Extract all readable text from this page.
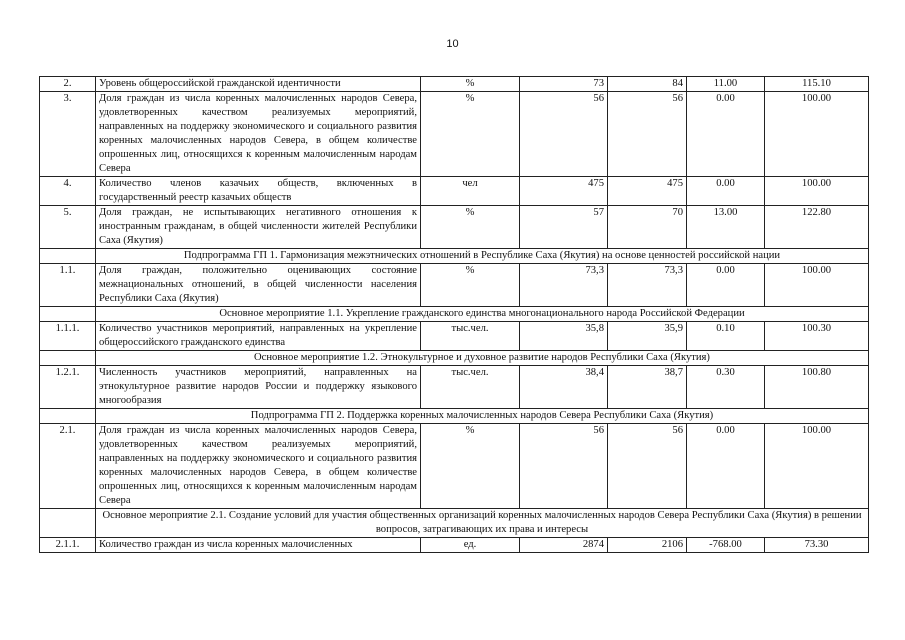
10
2.	Уровень общероссийской гражданской идентичности	%	73	84	11.00	115.10
3.	Доля граждан из числа коренных малочисленных народов Севера, удовлетворенных качеством реализуемых мероприятий, направленных на поддержку экономического и социального развития коренных малочисленных народов Севера, в общем количестве опрошенных лиц, относящихся к коренным малочисленным народам Севера	%	56	56	0.00	100.00
4.	Количество членов казачьих обществ, включенных в государственный реестр казачьих обществ	чел	475	475	0.00	100.00
5.	Доля граждан, не испытывающих негативного отношения к иностранным гражданам, в общей численности жителей Республики Саха (Якутия)	%	57	70	13.00	122.80
	Подпрограмма ГП 1. Гармонизация межэтнических отношений в Республике Саха (Якутия) на основе ценностей российской нации					
1.1.	Доля граждан, положительно оценивающих состояние межнациональных отношений, в общей численности населения Республики Саха (Якутия)	%	73,3	73,3	0.00	100.00
	Основное мероприятие 1.1. Укрепление гражданского единства многонационального народа Российской Федерации					
1.1.1.	Количество участников мероприятий, направленных на укрепление общероссийского гражданского единства	тыс.чел.	35,8	35,9	0.10	100.30
	Основное мероприятие 1.2. Этнокультурное и духовное развитие народов Республики Саха (Якутия)					
1.2.1.	Численность участников мероприятий, направленных на этнокультурное развитие народов России и поддержку языкового многообразия	тыс.чел.	38,4	38,7	0.30	100.80
	Подпрограмма ГП 2. Поддержка коренных малочисленных народов Севера Республики Саха (Якутия)					
2.1.	Доля граждан из числа коренных малочисленных народов Севера, удовлетворенных качеством реализуемых мероприятий, направленных на поддержку экономического и социального развития коренных малочисленных народов Севера, в общем количестве опрошенных лиц, относящихся к коренным малочисленным народам Севера	%	56	56	0.00	100.00
	Основное мероприятие 2.1. Создание условий для участия общественных организаций коренных малочисленных народов Севера Республики Саха (Якутия) в решении вопросов, затрагивающих их права и интересы					
2.1.1.	Количество граждан из числа коренных малочисленных	ед.	2874	2106	-768.00	73.30
